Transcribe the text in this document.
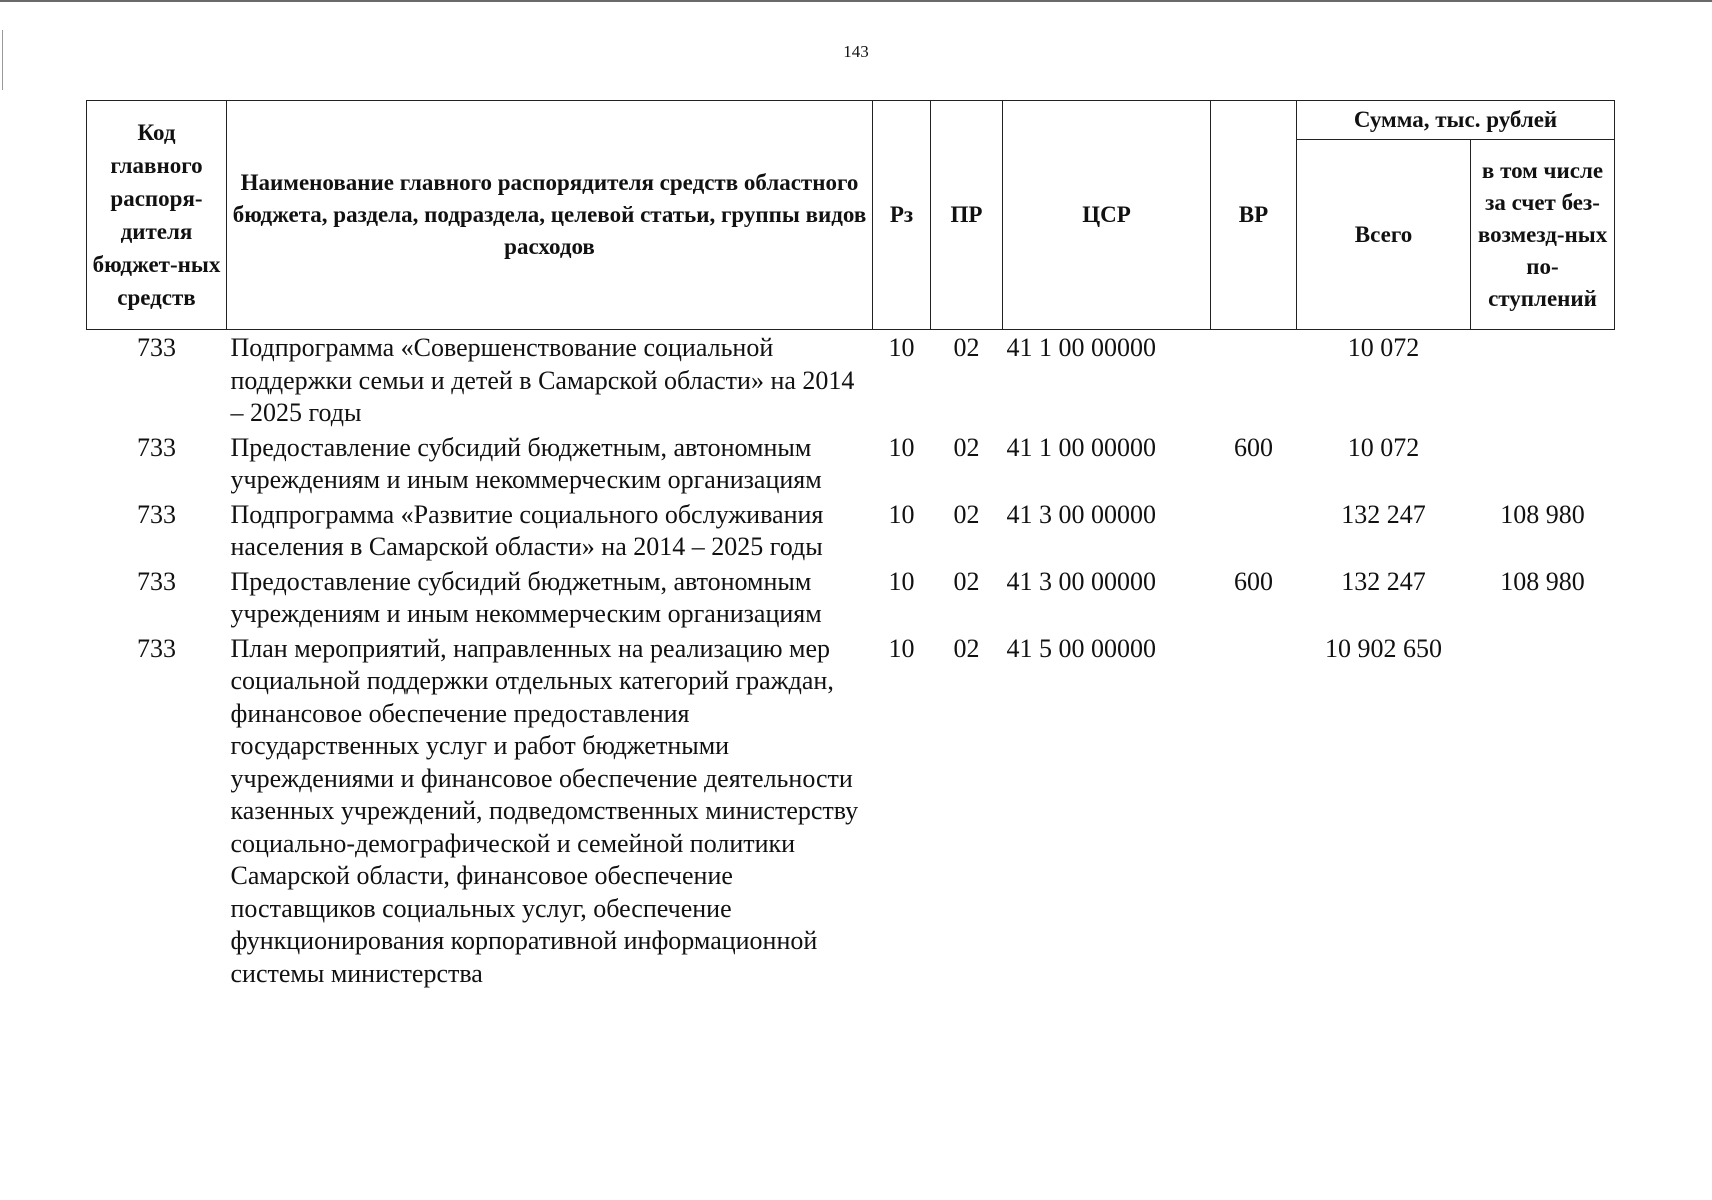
143
Код главного распоря-дителя бюджет-ных средств	Наименование главного распорядителя средств областного бюджета, раздела, подраздела, целевой статьи, группы видов расходов	Рз	ПР	ЦСР	ВР	Сумма, тыс. рублей	
						Всего	в том числе за счет без-возмезд-ных по-ступлений
733	Подпрограмма «Совершенствование социальной поддержки семьи и детей в Самарской области» на 2014 – 2025 годы	10	02	41 1 00 00000		10 072	
733	Предоставление субсидий бюджетным, автономным учреждениям и иным некоммерческим организациям	10	02	41 1 00 00000	600	10 072	
733	Подпрограмма «Развитие социального обслуживания населения в Самарской области» на 2014 – 2025 годы	10	02	41 3 00 00000		132 247	108 980
733	Предоставление субсидий бюджетным, автономным учреждениям и иным некоммерческим организациям	10	02	41 3 00 00000	600	132 247	108 980
733	План мероприятий, направленных на реализацию мер социальной поддержки отдельных категорий граждан, финансовое обеспечение предоставления государственных услуг и работ бюджетными учреждениями и финансовое обеспечение деятельности казенных учреждений, подведомственных министерству социально-демографической и семейной политики Самарской области, финансовое обеспечение поставщиков социальных услуг, обеспечение функционирования корпоративной информационной системы министерства	10	02	41 5 00 00000		10 902 650	
